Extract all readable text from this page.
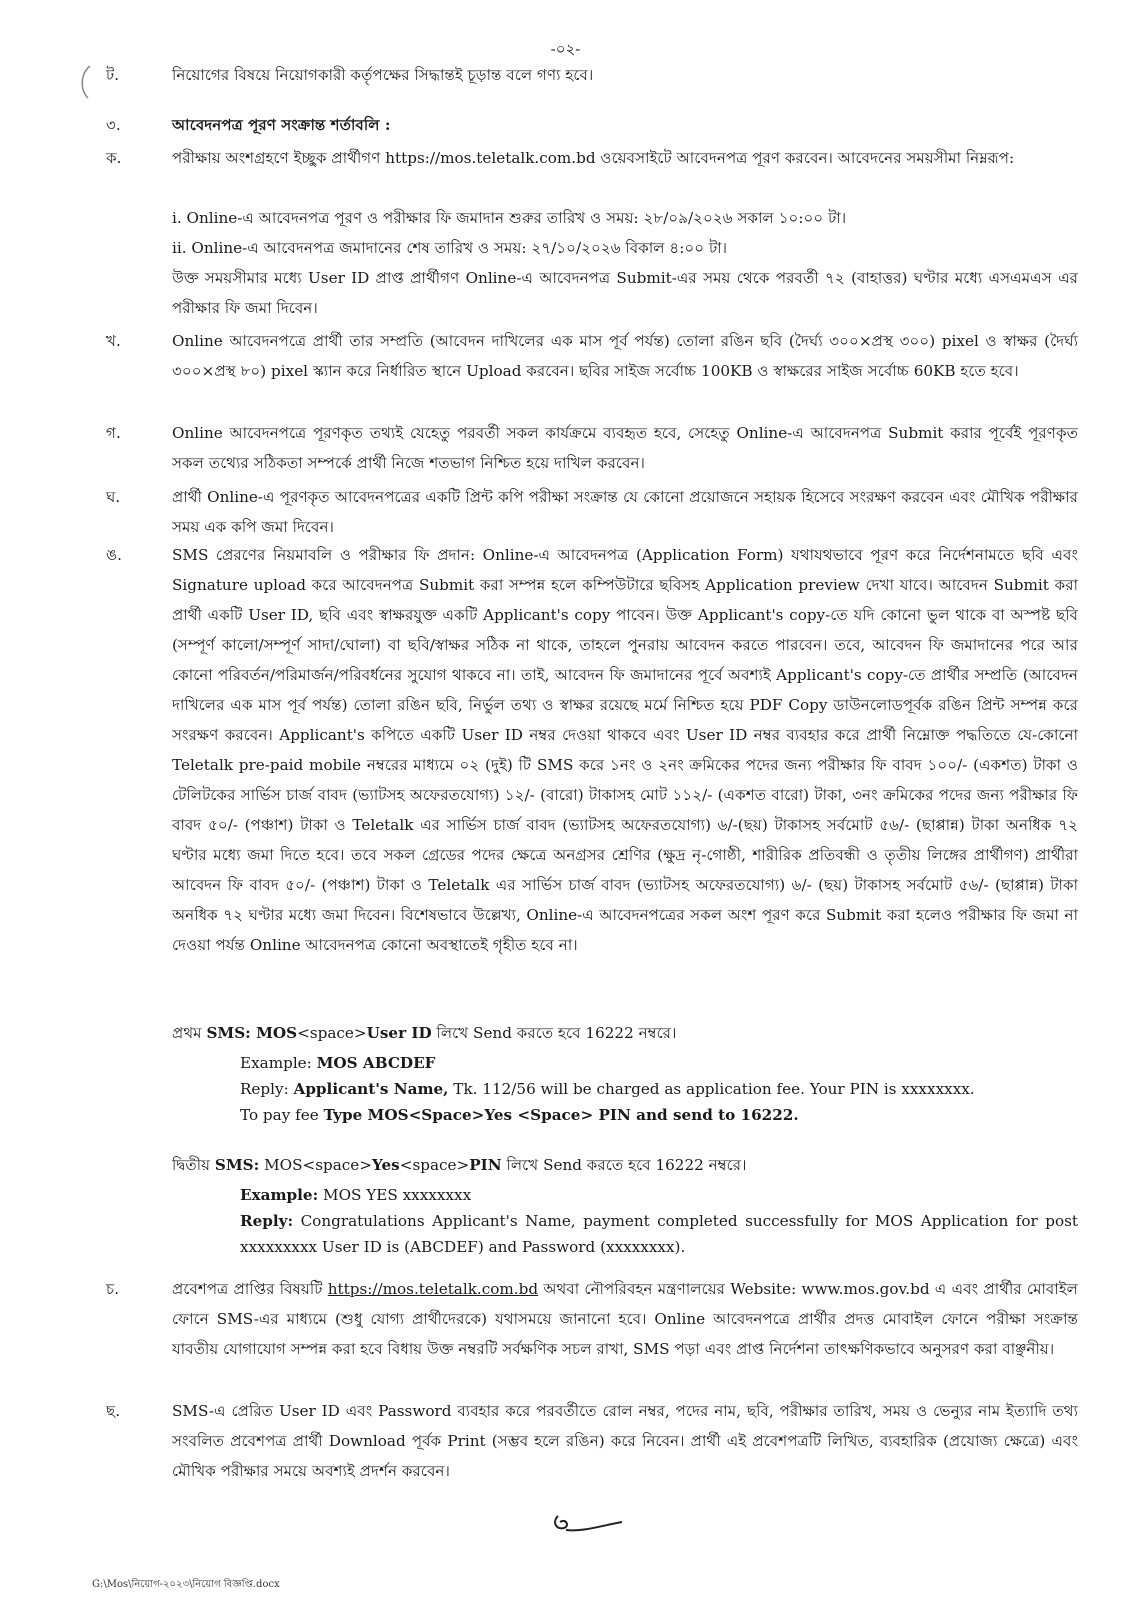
-০২-
ট.	নিয়োগের বিষয়ে নিয়োগকারী কর্তৃপক্ষের সিদ্ধান্তই চূড়ান্ত বলে গণ্য হবে।
৩.	আবেদনপত্র পূরণ সংক্রান্ত শর্তাবলি :
ক.	পরীক্ষায় অংশগ্রহণে ইচ্ছুক প্রার্থীগণ https://mos.teletalk.com.bd ওয়েবসাইটে আবেদনপত্র পূরণ করবেন। আবেদনের সময়সীমা নিম্নরূপ:
i. Online-এ আবেদনপত্র পূরণ ও পরীক্ষার ফি জমাদান শুরুর তারিখ ও সময়: ২৮/০৯/২০২৬ সকাল ১০:০০ টা।
ii. Online-এ আবেদনপত্র জমাদানের শেষ তারিখ ও সময়: ২৭/১০/২০২৬ বিকাল ৪:০০ টা।
উক্ত সময়সীমার মধ্যে User ID প্রাপ্ত প্রার্থীগণ Online-এ আবেদনপত্র Submit-এর সময় থেকে পরবর্তী ৭২ (বাহাত্তর) ঘণ্টার মধ্যে এসএমএস এর পরীক্ষার ফি জমা দিবেন।
খ.	Online আবেদনপত্রে প্রার্থী তার সম্প্রতি (আবেদন দাখিলের এক মাস পূর্ব পর্যন্ত) তোলা রঙিন ছবি (দৈর্ঘ্য ৩০০×প্রস্থ ৩০০) pixel ও স্বাক্ষর (দৈর্ঘ্য ৩০০×প্রস্থ ৮০) pixel স্ক্যান করে নির্ধারিত স্থানে Upload করবেন। ছবির সাইজ সর্বোচ্চ 100KB ও স্বাক্ষরের সাইজ সর্বোচ্চ 60KB হতে হবে।
গ.	Online আবেদনপত্রে পূরণকৃত তথ্যই যেহেতু পরবর্তী সকল কার্যক্রমে ব্যবহৃত হবে, সেহেতু Online-এ আবেদনপত্র Submit করার পূর্বেই পূরণকৃত সকল তথ্যের সঠিকতা সম্পর্কে প্রার্থী নিজে শতভাগ নিশ্চিত হয়ে দাখিল করবেন।
ঘ.	প্রার্থী Online-এ পূরণকৃত আবেদনপত্রের একটি প্রিন্ট কপি পরীক্ষা সংক্রান্ত যে কোনো প্রয়োজনে সহায়ক হিসেবে সংরক্ষণ করবেন এবং মৌখিক পরীক্ষার সময় এক কপি জমা দিবেন।
ঙ.	SMS প্রেরণের নিয়মাবলি ও পরীক্ষার ফি প্রদান: Online-এ আবেদনপত্র (Application Form) যথাযথভাবে পূরণ করে নির্দেশনামতে ছবি এবং Signature upload করে আবেদনপত্র Submit করা সম্পন্ন হলে কম্পিউটারে ছবিসহ Application preview দেখা যাবে। আবেদন Submit করা প্রার্থী একটি User ID, ছবি এবং স্বাক্ষরযুক্ত একটি Applicant's copy পাবেন। উক্ত Applicant's copy-তে যদি কোনো ভুল থাকে বা অস্পষ্ট ছবি (সম্পূর্ণ কালো/সম্পূর্ণ সাদা/ঘোলা) বা ছবি/স্বাক্ষর সঠিক না থাকে, তাহলে পুনরায় আবেদন করতে পারবেন। তবে, আবেদন ফি জমাদানের পরে আর কোনো পরিবর্তন/পরিমার্জন/পরিবর্ধনের সুযোগ থাকবে না। তাই, আবেদন ফি জমাদানের পূর্বে অবশ্যই Applicant's copy-তে প্রার্থীর সম্প্রতি (আবেদন দাখিলের এক মাস পূর্ব পর্যন্ত) তোলা রঙিন ছবি, নির্ভুল তথ্য ও স্বাক্ষর রয়েছে মর্মে নিশ্চিত হয়ে PDF Copy ডাউনলোডপূর্বক রঙিন প্রিন্ট সম্পন্ন করে সংরক্ষণ করবেন। Applicant's কপিতে একটি User ID নম্বর দেওয়া থাকবে এবং User ID নম্বর ব্যবহার করে প্রার্থী নিম্নোক্ত পদ্ধতিতে যে-কোনো Teletalk pre-paid mobile নম্বরের মাধ্যমে ০২ (দুই) টি SMS করে ১নং ও ২নং ক্রমিকের পদের জন্য পরীক্ষার ফি বাবদ ১০০/- (একশত) টাকা ও টেলিটকের সার্ভিস চার্জ বাবদ (ভ্যাটসহ অফেরতযোগ্য) ১২/- (বারো) টাকাসহ মোট ১১২/- (একশত বারো) টাকা, ৩নং ক্রমিকের পদের জন্য পরীক্ষার ফি বাবদ ৫০/- (পঞ্চাশ) টাকা ও Teletalk এর সার্ভিস চার্জ বাবদ (ভ্যাটসহ অফেরতযোগ্য) ৬/-(ছয়) টাকাসহ সর্বমোট ৫৬/- (ছাপ্পান্ন) টাকা অনধিক ৭২ ঘণ্টার মধ্যে জমা দিতে হবে। তবে সকল গ্রেডের পদের ক্ষেত্রে অনগ্রসর শ্রেণির (ক্ষুদ্র নৃ-গোষ্ঠী, শারীরিক প্রতিবন্ধী ও তৃতীয় লিঙ্গের প্রার্থীগণ) প্রার্থীরা আবেদন ফি বাবদ ৫০/- (পঞ্চাশ) টাকা ও Teletalk এর সার্ভিস চার্জ বাবদ (ভ্যাটসহ অফেরতযোগ্য) ৬/- (ছয়) টাকাসহ সর্বমোট ৫৬/- (ছাপ্পান্ন) টাকা অনধিক ৭২ ঘণ্টার মধ্যে জমা দিবেন। বিশেষভাবে উল্লেখ্য, Online-এ আবেদনপত্রের সকল অংশ পূরণ করে Submit করা হলেও পরীক্ষার ফি জমা না দেওয়া পর্যন্ত Online আবেদনপত্র কোনো অবস্থাতেই গৃহীত হবে না।
প্রথম SMS: MOS<space>User ID লিখে Send করতে হবে 16222 নম্বরে।
Example: MOS ABCDEF
Reply: Applicant's Name, Tk. 112/56 will be charged as application fee. Your PIN is xxxxxxxx.
To pay fee Type MOS<Space>Yes <Space> PIN and send to 16222.
দ্বিতীয় SMS: MOS<space>Yes<space>PIN লিখে Send করতে হবে 16222 নম্বরে।
Example: MOS YES xxxxxxxx
Reply: Congratulations Applicant's Name, payment completed successfully for MOS Application for post xxxxxxxxx User ID is (ABCDEF) and Password (xxxxxxxx).
চ.	প্রবেশপত্র প্রাপ্তির বিষয়টি https://mos.teletalk.com.bd অথবা নৌপরিবহন মন্ত্রণালয়ের Website: www.mos.gov.bd এ এবং প্রার্থীর মোবাইল ফোনে SMS-এর মাধ্যমে (শুধু যোগ্য প্রার্থীদেরকে) যথাসময়ে জানানো হবে। Online আবেদনপত্রে প্রার্থীর প্রদত্ত মোবাইল ফোনে পরীক্ষা সংক্রান্ত যাবতীয় যোগাযোগ সম্পন্ন করা হবে বিধায় উক্ত নম্বরটি সর্বক্ষণিক সচল রাখা, SMS পড়া এবং প্রাপ্ত নির্দেশনা তাৎক্ষণিকভাবে অনুসরণ করা বাঞ্ছনীয়।
ছ.	SMS-এ প্রেরিত User ID এবং Password ব্যবহার করে পরবর্তীতে রোল নম্বর, পদের নাম, ছবি, পরীক্ষার তারিখ, সময় ও ভেন্যুর নাম ইত্যাদি তথ্য সংবলিত প্রবেশপত্র প্রার্থী Download পূর্বক Print (সম্ভব হলে রঙিন) করে নিবেন। প্রার্থী এই প্রবেশপত্রটি লিখিত, ব্যবহারিক (প্রযোজ্য ক্ষেত্রে) এবং মৌখিক পরীক্ষার সময়ে অবশ্যই প্রদর্শন করবেন।
G:\Mos\নিয়োগ-২০২৩\নিয়োগ বিজ্ঞপ্তি.docx
